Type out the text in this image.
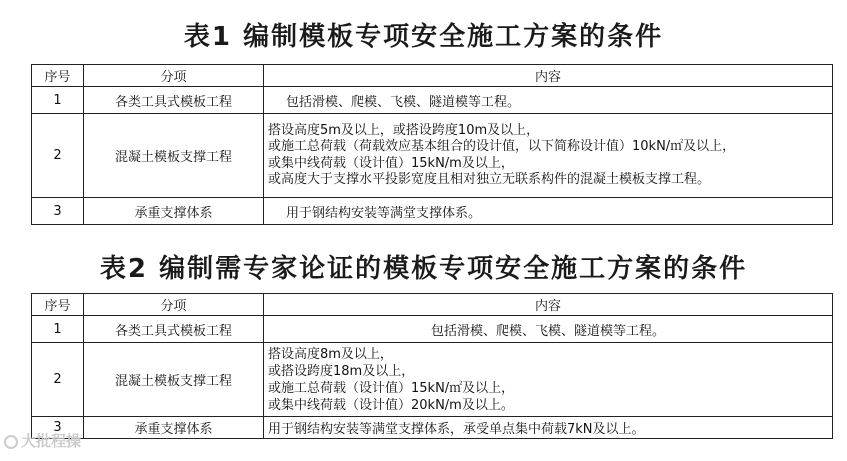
表1 编制模板专项安全施工方案的条件
序号	分项	内容
1	各类工具式模板工程	包括滑模、爬模、飞模、隧道模等工程。

2	混凝土模板支撑工程	搭设高度5m及以上，或搭设跨度10m及以上，
或施工总荷载（荷载效应基本组合的设计值，以下简称设计值）10kN/㎡及以上，
或集中线荷载（设计值）15kN/m及以上，
或高度大于支撑水平投影宽度且相对独立无联系构件的混凝土模板支撑工程。

3	承重支撑体系	用于钢结构安装等满堂支撑体系。
表2 编制需专家论证的模板专项安全施工方案的条件
序号	分项	内容
1	各类工具式模板工程	包括滑模、爬模、飞模、隧道模等工程。

2	混凝土模板支撑工程	搭设高度8m及以上，
或搭设跨度18m及以上，
或施工总荷载（设计值）15kN/㎡及以上，
或集中线荷载（设计值）20kN/m及以上。

3	承重支撑体系	用于钢结构安装等满堂支撑体系，承受单点集中荷载7kN及以上。
大批程操
